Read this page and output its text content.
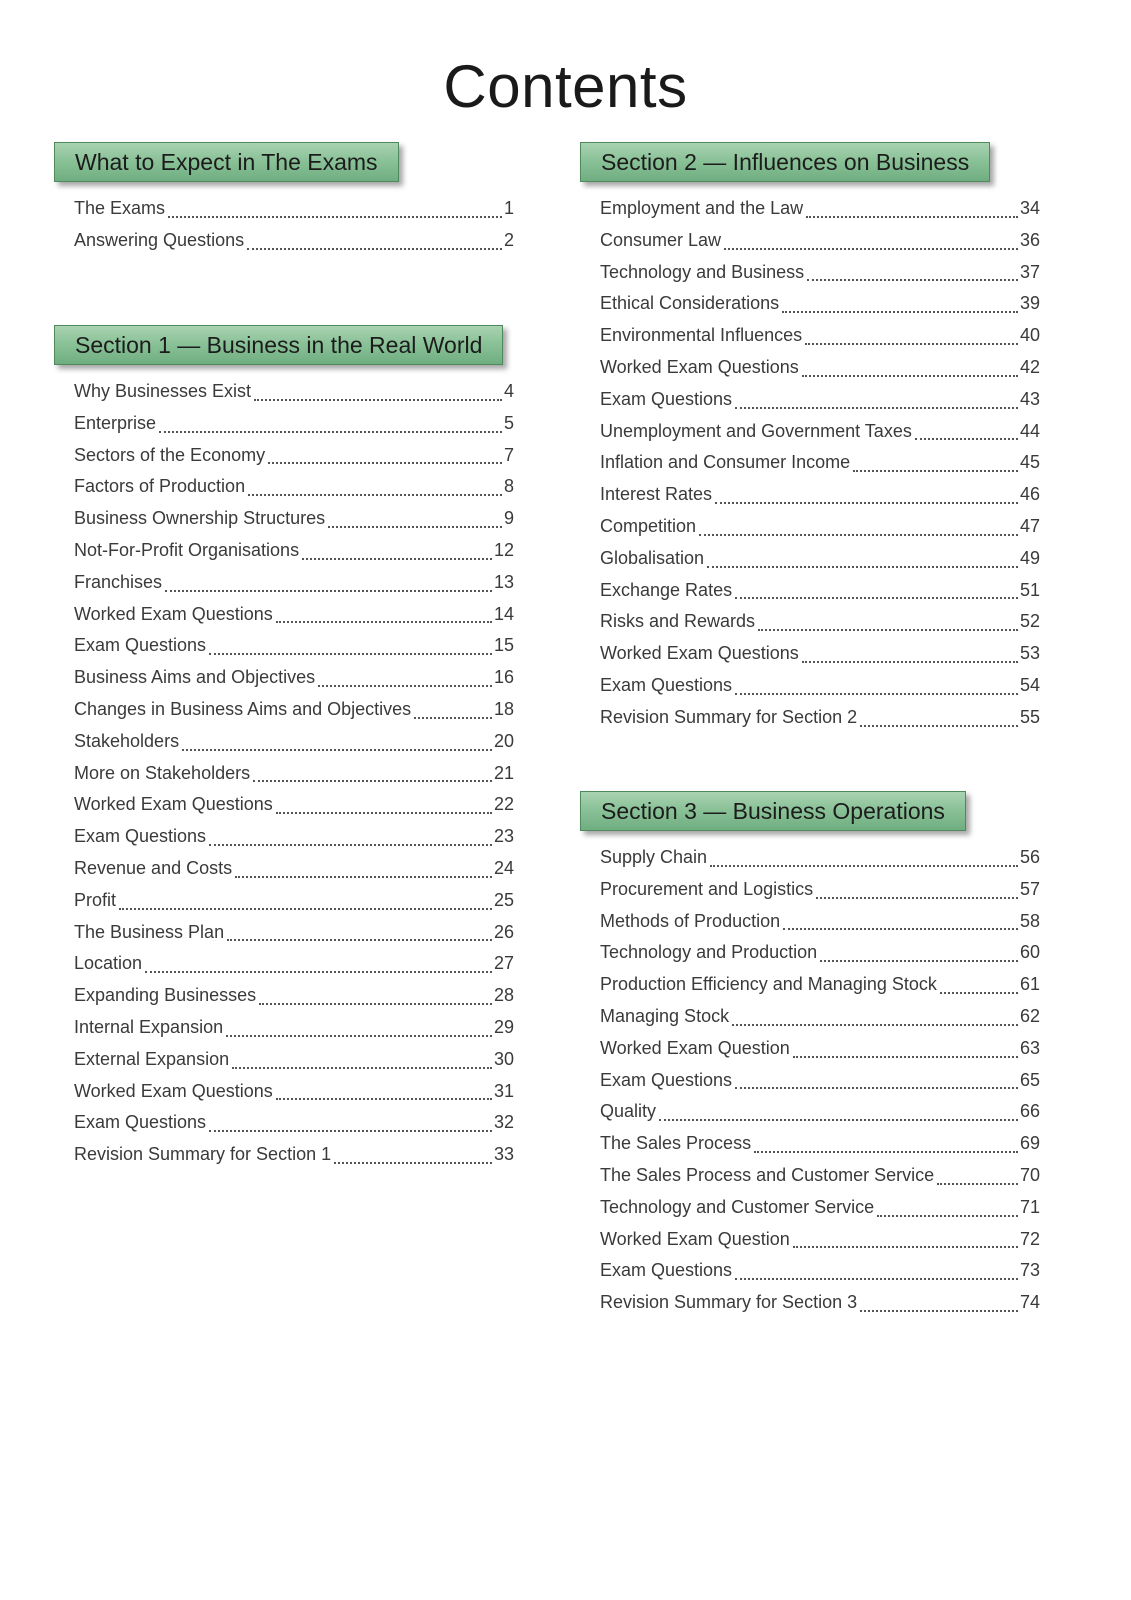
Contents
What to Expect in The Exams
The Exams	1
Answering Questions	2
Section 1 — Business in the Real World
Why Businesses Exist	4
Enterprise	5
Sectors of the Economy	7
Factors of Production	8
Business Ownership Structures	9
Not-For-Profit Organisations	12
Franchises	13
Worked Exam Questions	14
Exam Questions	15
Business Aims and Objectives	16
Changes in Business Aims and Objectives	18
Stakeholders	20
More on Stakeholders	21
Worked Exam Questions	22
Exam Questions	23
Revenue and Costs	24
Profit	25
The Business Plan	26
Location	27
Expanding Businesses	28
Internal Expansion	29
External Expansion	30
Worked Exam Questions	31
Exam Questions	32
Revision Summary for Section 1	33
Section 2 — Influences on Business
Employment and the Law	34
Consumer Law	36
Technology and Business	37
Ethical Considerations	39
Environmental Influences	40
Worked Exam Questions	42
Exam Questions	43
Unemployment and Government Taxes	44
Inflation and Consumer Income	45
Interest Rates	46
Competition	47
Globalisation	49
Exchange Rates	51
Risks and Rewards	52
Worked Exam Questions	53
Exam Questions	54
Revision Summary for Section 2	55
Section 3 — Business Operations
Supply Chain	56
Procurement and Logistics	57
Methods of Production	58
Technology and Production	60
Production Efficiency and Managing Stock	61
Managing Stock	62
Worked Exam Question	63
Exam Questions	65
Quality	66
The Sales Process	69
The Sales Process and Customer Service	70
Technology and Customer Service	71
Worked Exam Question	72
Exam Questions	73
Revision Summary for Section 3	74
